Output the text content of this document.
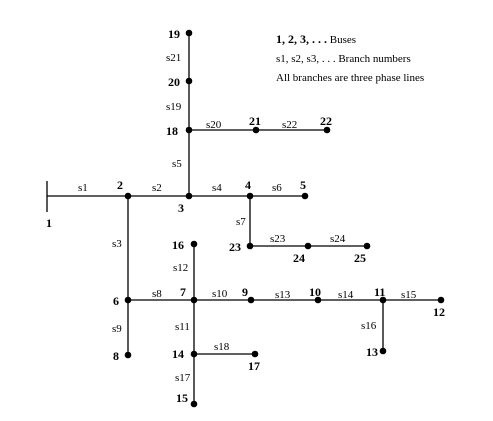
1
2
3
4	5
6
7
8
9	10	11
12
13
14
15
16
17
18
19
20
21	22
23
24	25
s1	s2
s3
s4
s5
s6
s7
s8
s9
s10
s11
s12
s13	s14	s15
s16
s17
s18
s19
s20
s21
s22
s23	s24
1, 2, 3, . . . Buses
s1, s2, s3, . . . Branch numbers
All branches are three phase lines
